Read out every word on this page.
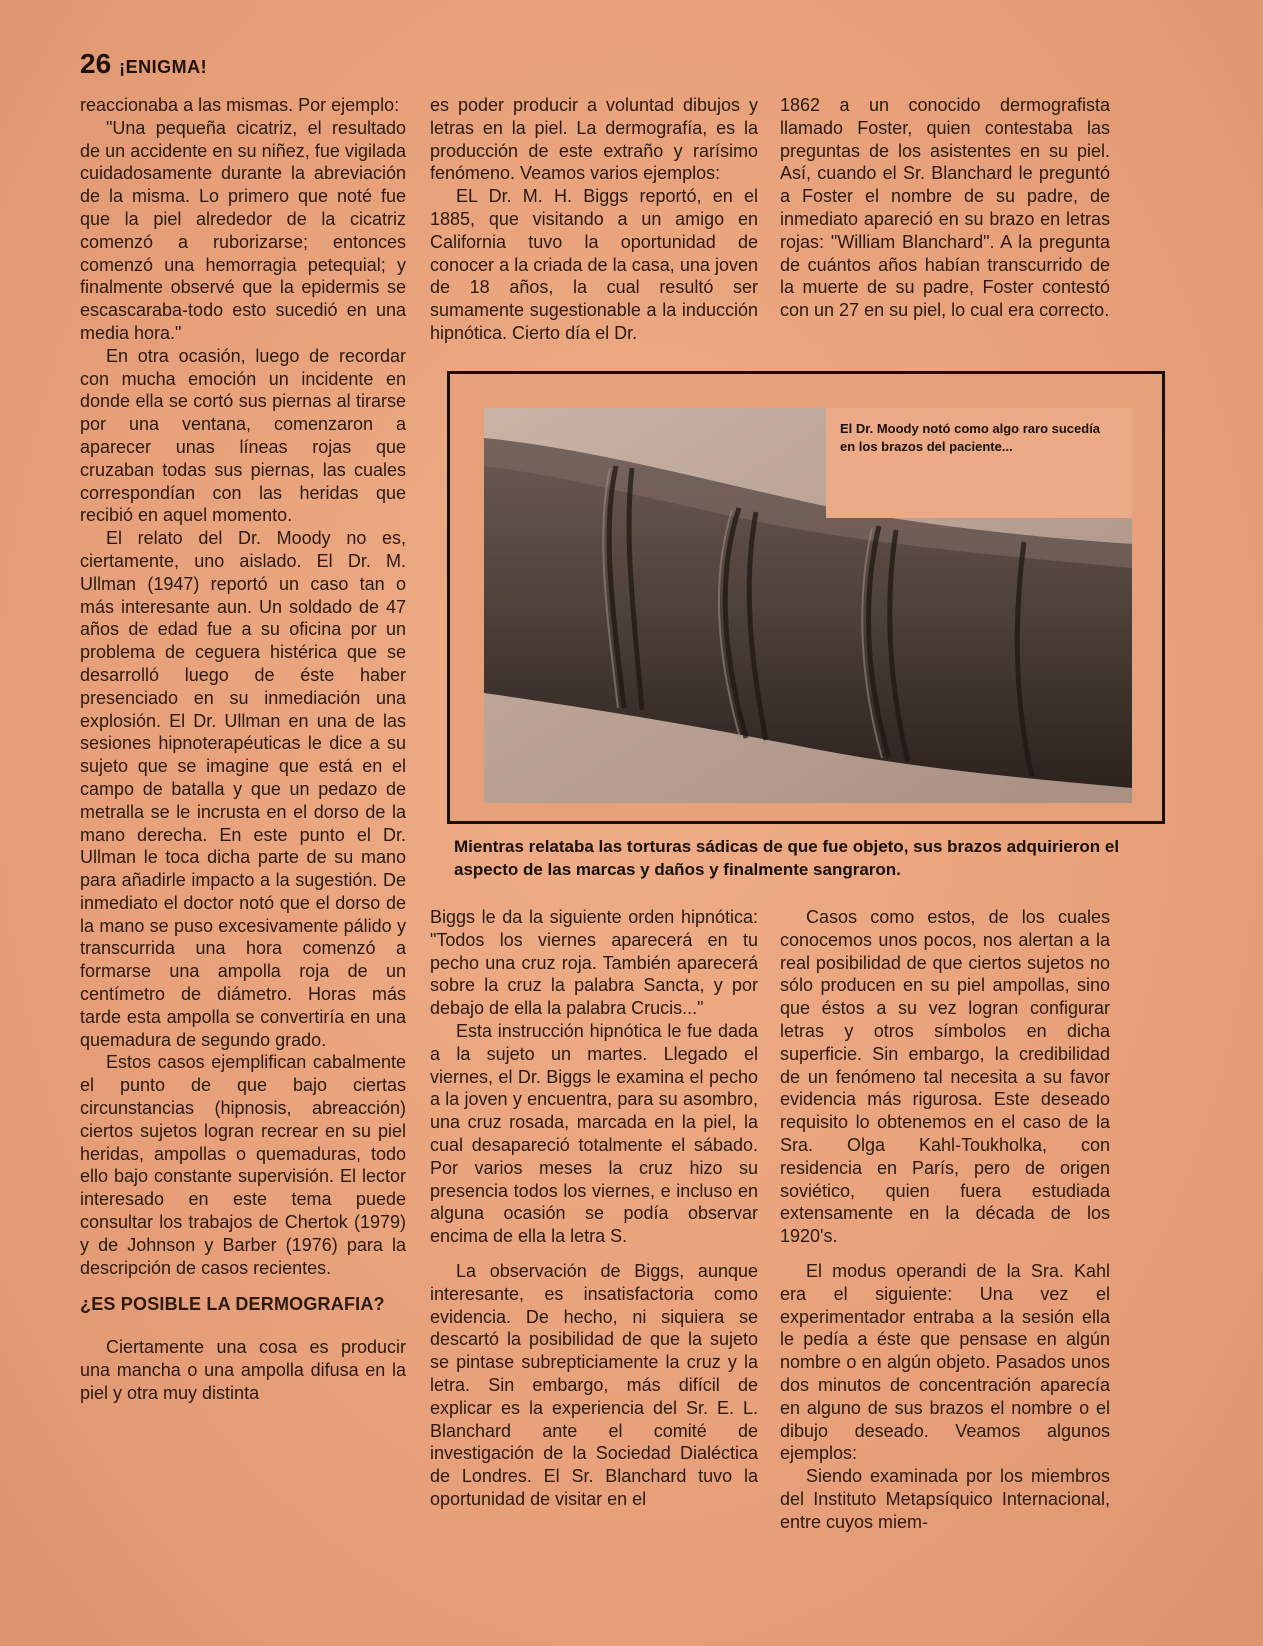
26 ¡ENIGMA!

reaccionaba a las mismas. Por ejemplo:

"Una pequeña cicatriz, el resultado de un accidente en su niñez, fue vigilada cuidadosamente durante la abreviación de la misma. Lo primero que noté fue que la piel alrededor de la cicatriz comenzó a ruborizarse; entonces comenzó una hemorragia petequial; y finalmente observé que la epidermis se escascaraba-todo esto sucedió en una media hora."

En otra ocasión, luego de recordar con mucha emoción un incidente en donde ella se cortó sus piernas al tirarse por una ventana, comenzaron a aparecer unas líneas rojas que cruzaban todas sus piernas, las cuales correspondían con las heridas que recibió en aquel momento.

El relato del Dr. Moody no es, ciertamente, uno aislado. El Dr. M. Ullman (1947) reportó un caso tan o más interesante aun. Un soldado de 47 años de edad fue a su oficina por un problema de ceguera histérica que se desarrolló luego de éste haber presenciado en su inmediación una explosión. El Dr. Ullman en una de las sesiones hipnoterapéuticas le dice a su sujeto que se imagine que está en el campo de batalla y que un pedazo de metralla se le incrusta en el dorso de la mano derecha. En este punto el Dr. Ullman le toca dicha parte de su mano para añadirle impacto a la sugestión. De inmediato el doctor notó que el dorso de la mano se puso excesivamente pálido y transcurrida una hora comenzó a formarse una ampolla roja de un centímetro de diámetro. Horas más tarde esta ampolla se convertiría en una quemadura de segundo grado.

Estos casos ejemplifican cabalmente el punto de que bajo ciertas circunstancias (hipnosis, abreacción) ciertos sujetos logran recrear en su piel heridas, ampollas o quemaduras, todo ello bajo constante supervisión. El lector interesado en este tema puede consultar los trabajos de Chertok (1979) y de Johnson y Barber (1976) para la descripción de casos recientes.

¿ES POSIBLE LA DERMOGRAFIA?

Ciertamente una cosa es producir una mancha o una ampolla difusa en la piel y otra muy distinta

es poder producir a voluntad dibujos y letras en la piel. La dermografía, es la producción de este extraño y rarísimo fenómeno. Veamos varios ejemplos:

EL Dr. M. H. Biggs reportó, en el 1885, que visitando a un amigo en California tuvo la oportunidad de conocer a la criada de la casa, una joven de 18 años, la cual resultó ser sumamente sugestionable a la inducción hipnótica. Cierto día el Dr.

1862 a un conocido dermografista llamado Foster, quien contestaba las preguntas de los asistentes en su piel. Así, cuando el Sr. Blanchard le preguntó a Foster el nombre de su padre, de inmediato apareció en su brazo en letras rojas: "William Blanchard". A la pregunta de cuántos años habían transcurrido de la muerte de su padre, Foster contestó con un 27 en su piel, lo cual era correcto.

El Dr. Moody notó como algo raro sucedía en los brazos del paciente...
Mientras relataba las torturas sádicas de que fue objeto, sus brazos adquirieron el aspecto de las marcas y daños y finalmente sangraron.

Biggs le da la siguiente orden hipnótica: "Todos los viernes aparecerá en tu pecho una cruz roja. También aparecerá sobre la cruz la palabra Sancta, y por debajo de ella la palabra Crucis..."

Esta instrucción hipnótica le fue dada a la sujeto un martes. Llegado el viernes, el Dr. Biggs le examina el pecho a la joven y encuentra, para su asombro, una cruz rosada, marcada en la piel, la cual desapareció totalmente el sábado. Por varios meses la cruz hizo su presencia todos los viernes, e incluso en alguna ocasión se podía observar encima de ella la letra S.

La observación de Biggs, aunque interesante, es insatisfactoria como evidencia. De hecho, ni siquiera se descartó la posibilidad de que la sujeto se pintase subrepticiamente la cruz y la letra. Sin embargo, más difícil de explicar es la experiencia del Sr. E. L. Blanchard ante el comité de investigación de la Sociedad Dialéctica de Londres. El Sr. Blanchard tuvo la oportunidad de visitar en el

Casos como estos, de los cuales conocemos unos pocos, nos alertan a la real posibilidad de que ciertos sujetos no sólo producen en su piel ampollas, sino que éstos a su vez logran configurar letras y otros símbolos en dicha superficie. Sin embargo, la credibilidad de un fenómeno tal necesita a su favor evidencia más rigurosa. Este deseado requisito lo obtenemos en el caso de la Sra. Olga Kahl-Toukholka, con residencia en París, pero de origen soviético, quien fuera estudiada extensamente en la década de los 1920's.

El modus operandi de la Sra. Kahl era el siguiente: Una vez el experimentador entraba a la sesión ella le pedía a éste que pensase en algún nombre o en algún objeto. Pasados unos dos minutos de concentración aparecía en alguno de sus brazos el nombre o el dibujo deseado. Veamos algunos ejemplos:

Siendo examinada por los miembros del Instituto Metapsíquico Internacional, entre cuyos miem-
